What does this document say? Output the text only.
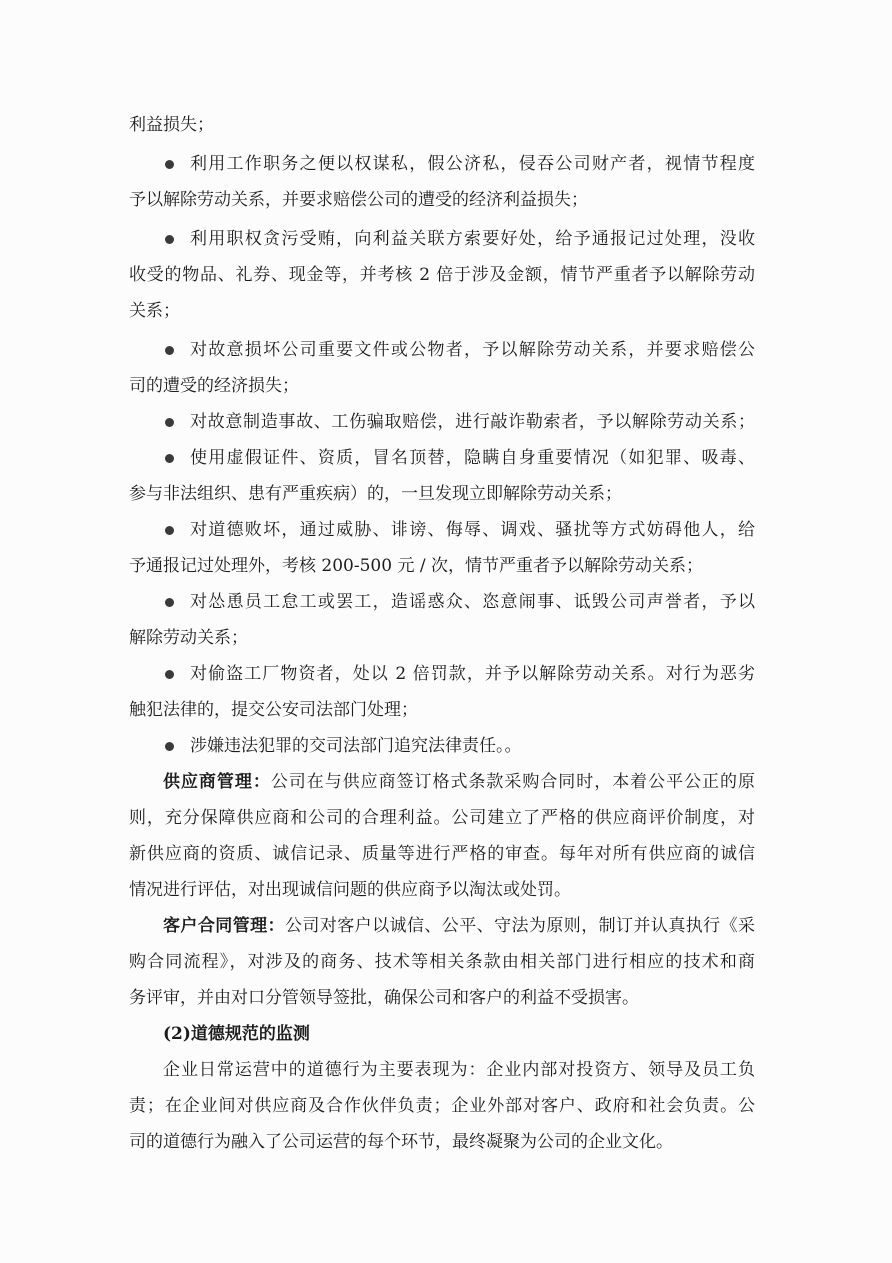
利益损失；
利用工作职务之便以权谋私，假公济私，侵吞公司财产者，视情节程度
予以解除劳动关系，并要求赔偿公司的遭受的经济利益损失；
利用职权贪污受贿，向利益关联方索要好处，给予通报记过处理，没收
收受的物品、礼券、现金等，并考核 2 倍于涉及金额，情节严重者予以解除劳动
关系；
对故意损坏公司重要文件或公物者，予以解除劳动关系，并要求赔偿公
司的遭受的经济损失；
对故意制造事故、工伤骗取赔偿，进行敲诈勒索者，予以解除劳动关系；
使用虚假证件、资质，冒名顶替，隐瞒自身重要情况（如犯罪、吸毒、
参与非法组织、患有严重疾病）的，一旦发现立即解除劳动关系；
对道德败坏，通过威胁、诽谤、侮辱、调戏、骚扰等方式妨碍他人，给
予通报记过处理外，考核 200-500 元 / 次，情节严重者予以解除劳动关系；
对怂恿员工怠工或罢工，造谣惑众、恣意闹事、诋毁公司声誉者，予以
解除劳动关系；
对偷盗工厂物资者，处以 2 倍罚款，并予以解除劳动关系。对行为恶劣
触犯法律的，提交公安司法部门处理；
涉嫌违法犯罪的交司法部门追究法律责任。。
供应商管理：公司在与供应商签订格式条款采购合同时，本着公平公正的原
则，充分保障供应商和公司的合理利益。公司建立了严格的供应商评价制度，对
新供应商的资质、诚信记录、质量等进行严格的审查。每年对所有供应商的诚信
情况进行评估，对出现诚信问题的供应商予以淘汰或处罚。
客户合同管理：公司对客户以诚信、公平、守法为原则，制订并认真执行《采
购合同流程》，对涉及的商务、技术等相关条款由相关部门进行相应的技术和商
务评审，并由对口分管领导签批，确保公司和客户的利益不受损害。
(2)道德规范的监测
企业日常运营中的道德行为主要表现为：企业内部对投资方、领导及员工负
责；在企业间对供应商及合作伙伴负责；企业外部对客户、政府和社会负责。公
司的道德行为融入了公司运营的每个环节，最终凝聚为公司的企业文化。
